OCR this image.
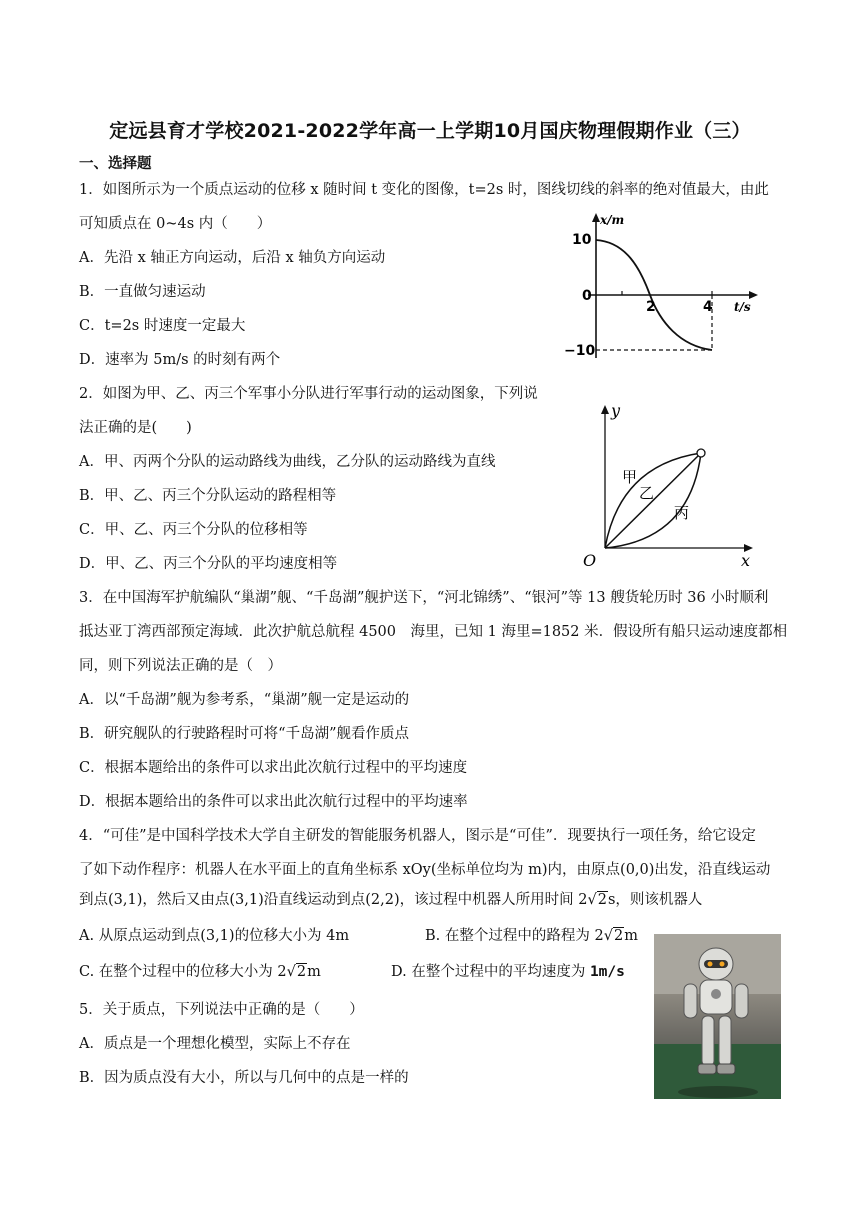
定远县育才学校2021-2022学年高一上学期10月国庆物理假期作业（三）
一、选择题
1．如图所示为一个质点运动的位移 x 随时间 t 变化的图像，t=2s 时，图线切线的斜率的绝对值最大，由此
可知质点在 0~4s 内（　　）
A．先沿 x 轴正方向运动，后沿 x 轴负方向运动
B．一直做匀速运动
C．t=2s 时速度一定最大
D．速率为 5m/s 的时刻有两个
x/m
10
0
−10
2	4 t/s
2．如图为甲、乙、丙三个军事小分队进行军事行动的运动图象，下列说
法正确的是(　　)
A．甲、丙两个分队的运动路线为曲线，乙分队的运动路线为直线
B．甲、乙、丙三个分队运动的路程相等
C．甲、乙、丙三个分队的位移相等
D．甲、乙、丙三个分队的平均速度相等
y
x
O
甲
乙
丙
3．在中国海军护航编队“巢湖”舰、“千岛湖”舰护送下，“河北锦绣”、“银河”等 13 艘货轮历时 36 小时顺利
抵达亚丁湾西部预定海域．此次护航总航程 4500　海里，已知 1 海里=1852 米．假设所有船只运动速度都相
同，则下列说法正确的是（　）
A．以“千岛湖”舰为参考系，“巢湖”舰一定是运动的
B．研究舰队的行驶路程时可将“千岛湖”舰看作质点
C．根据本题给出的条件可以求出此次航行过程中的平均速度
D．根据本题给出的条件可以求出此次航行过程中的平均速率
4．“可佳”是中国科学技术大学自主研发的智能服务机器人，图示是“可佳”．现要执行一项任务，给它设定
了如下动作程序：机器人在水平面上的直角坐标系 xOy(坐标单位均为 m)内，由原点(0,0)出发，沿直线运动
到点(3,1)，然后又由点(3,1)沿直线运动到点(2,2)，该过程中机器人所用时间 2√2s，则该机器人
A. 从原点运动到点(3,1)的位移大小为 4m	B. 在整个过程中的路程为 2√2m
C. 在整个过程中的位移大小为 2√2m	D. 在整个过程中的平均速度为 1m/s
5．关于质点，下列说法中正确的是（　　）
A．质点是一个理想化模型，实际上不存在
B．因为质点没有大小，所以与几何中的点是一样的
